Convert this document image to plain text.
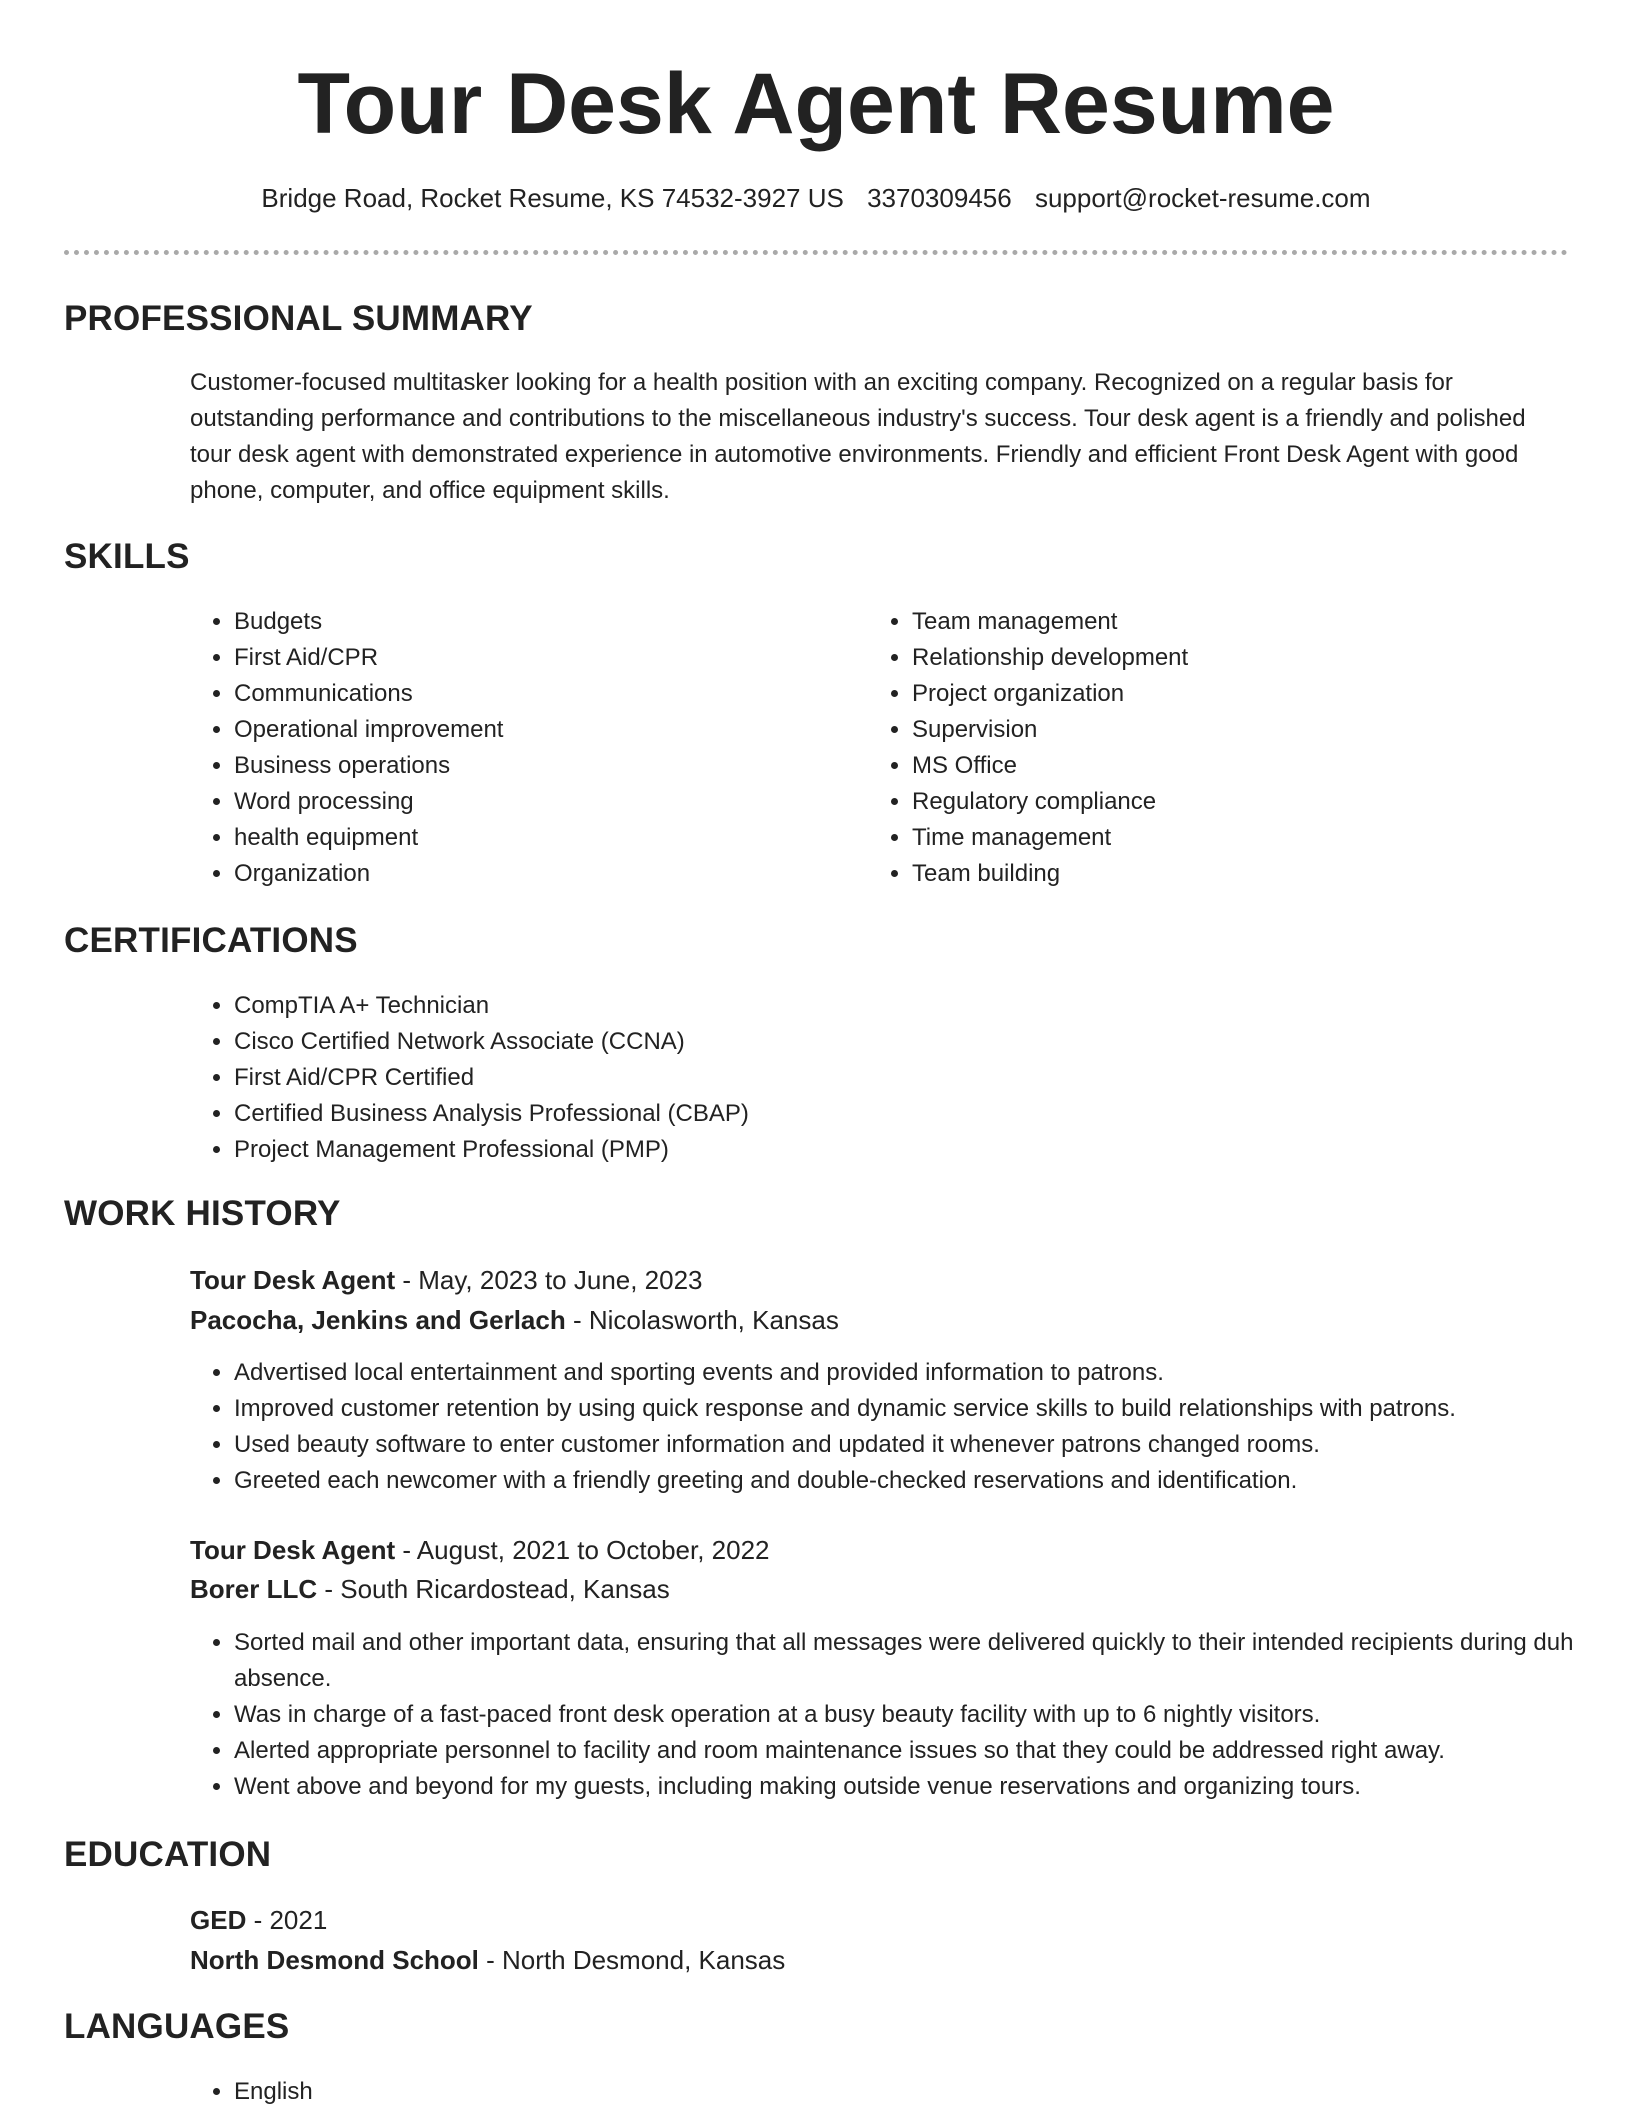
Tour Desk Agent Resume
Bridge Road, Rocket Resume, KS 74532-3927 US 3370309456 support@rocket-resume.com
PROFESSIONAL SUMMARY

Customer-focused multitasker looking for a health position with an exciting company. Recognized on a regular basis for outstanding performance and contributions to the miscellaneous industry's success. Tour desk agent is a friendly and polished tour desk agent with demonstrated experience in automotive environments. Friendly and efficient Front Desk Agent with good phone, computer, and office equipment skills.

SKILLS
• Budgets
• First Aid/CPR
• Communications
• Operational improvement
• Business operations
• Word processing
• health equipment
• Organization
• Team management
• Relationship development
• Project organization
• Supervision
• MS Office
• Regulatory compliance
• Time management
• Team building
CERTIFICATIONS
• CompTIA A+ Technician
• Cisco Certified Network Associate (CCNA)
• First Aid/CPR Certified
• Certified Business Analysis Professional (CBAP)
• Project Management Professional (PMP)
WORK HISTORY
Tour Desk Agent - May, 2023 to June, 2023
Pacocha, Jenkins and Gerlach - Nicolasworth, Kansas
• Advertised local entertainment and sporting events and provided information to patrons.
• Improved customer retention by using quick response and dynamic service skills to build relationships with patrons.
• Used beauty software to enter customer information and updated it whenever patrons changed rooms.
• Greeted each newcomer with a friendly greeting and double-checked reservations and identification.
Tour Desk Agent - August, 2021 to October, 2022
Borer LLC - South Ricardostead, Kansas
• Sorted mail and other important data, ensuring that all messages were delivered quickly to their intended recipients during duh absence.
• Was in charge of a fast-paced front desk operation at a busy beauty facility with up to 6 nightly visitors.
• Alerted appropriate personnel to facility and room maintenance issues so that they could be addressed right away.
• Went above and beyond for my guests, including making outside venue reservations and organizing tours.
EDUCATION
GED - 2021
North Desmond School - North Desmond, Kansas
LANGUAGES
• English
